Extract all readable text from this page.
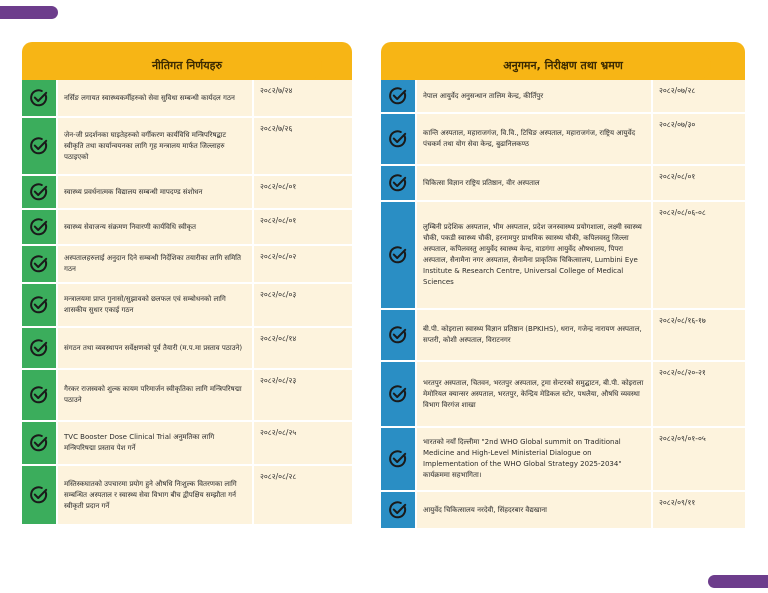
नीतिगत निर्णयहरु
नर्सिङ लगायत स्वास्थ्यकर्मीहरुको सेवा सुविधा सम्बन्धी कार्यदल गठन
२०८२/७/२४
जेन-जी प्रदर्शनका घाइतेहरुको वर्गीकरण कार्यविधि मन्त्रिपरिषद्बाट स्वीकृति तथा कार्यान्वयनका लागि गृह मन्त्रालय मार्फत जिल्लाहरु पठाइएको
२०८२/७/२६
स्वास्थ्य प्रवर्धनात्मक विद्यालय सम्बन्धी मापदण्ड संशोधन
२०८२/०८/०१
स्वास्थ्य सेवाजन्य संक्रमण निवारणी कार्यविधि स्वीकृत
२०८२/०८/०१
अस्पतालहरुलाई अनुदान दिने सम्बन्धी निर्देशिका तयारीका लागि समिति गठन
२०८२/०८/०२
मन्त्रालयमा प्राप्त गुनासो/सुझावको छलफल एवं सम्बोधनको लागि शासकीय सुधार एकाई गठन
२०८२/०८/०३
संगठन तथा व्यवस्थापन सर्वेक्षणको पूर्व तैयारी (म.प.मा प्रस्ताव पठाउने)
२०८२/०८/१४
गैरकर राजस्वको शुल्क कायम परिमार्जन स्वीकृतिका लागि मन्त्रिपरिषद्मा पठाउने
२०८२/०८/२३
TVC Booster Dose Clinical Trial अनुमतिका लागि मन्त्रिपरिषद्मा प्रस्ताव पेश गर्ने
२०८२/०८/२५
मस्तिस्कघातको उपचारमा प्रयोग हुने औषधि निःशुल्क वितरणका लागि सम्बन्धित अस्पताल र स्वास्थ्य सेवा विभाग बीच द्वीपक्षिय सम्झौता गर्न स्वीकृती प्रदान गर्ने
२०८२/०८/२८
अनुगमन, निरीक्षण तथा भ्रमण
नेपाल आयुर्वेद अनुसन्धान तालिम केन्द्र, कीर्तिपुर
२०८२/०७/२८
कान्ति अस्पताल, महाराजगंज, वि.वि., टिचिङ अस्पताल, महाराजगंज, राष्ट्रिय आयुर्वेद पंचकर्म तथा योग सेवा केन्द्र, बुढानिलकण्ठ
२०८२/०७/३०
चिकित्सा विज्ञान राष्ट्रिय प्रतिष्ठान, वीर अस्पताल
२०८२/०८/०१
लुम्बिनी प्रदेशिक अस्पताल, भीम अस्पताल, प्रदेश जनस्वास्थ्य प्रयोगशाला, लक्ष्मी स्वास्थ्य चौकी, पकडी स्वास्थ्य चौकी, हरनामपुर प्राथमिक स्वास्थ्य चौकी, कपिलवस्तु जिल्ला अस्पताल, कपिलवस्तु आयुर्वेद स्वास्थ्य केन्द्र, वाडगंगा आयुर्वेद औषधालय, पिपरा अस्पताल, सैनामैना नगर अस्पताल, सैनामैना प्राकृतिक चिकित्सालय, Lumbini Eye Institute & Research Centre, Universal College of Medical Sciences
२०८२/०८/०६-०८
बी.पी. कोइराला स्वास्थ्य विज्ञान प्रतिष्ठान (BPKIHS), धरान, गजेन्द्र नारायण अस्पताल, सप्तरी, कोशी अस्पताल, विराटनगर
२०८२/०८/१६-१७
भरतपुर अस्पताल, चितवन, भरतपुर अस्पताल, ट्रमा सेन्टरको समुद्घाटन, बी.पी. कोइराला मेमोरियल क्यान्सर अस्पताल, भरतपुर, केन्द्रिय मेडिकल स्टोर, पथलैया, औषधि व्यवस्था विभाग विरगंज शाखा
२०८२/०८/२०-२१
भारतको नयाँ दिल्लीमा "2nd WHO Global summit on Traditional Medicine and High-Level Ministerial Dialogue on Implementation of the WHO Global Strategy 2025-2034" कार्यक्रममा सहभागिता।
२०८२/०९/०१-०५
आयुर्वेद चिकित्सालय नरदेवी, सिंहदरबार वैद्यखाना
२०८२/०९/११
